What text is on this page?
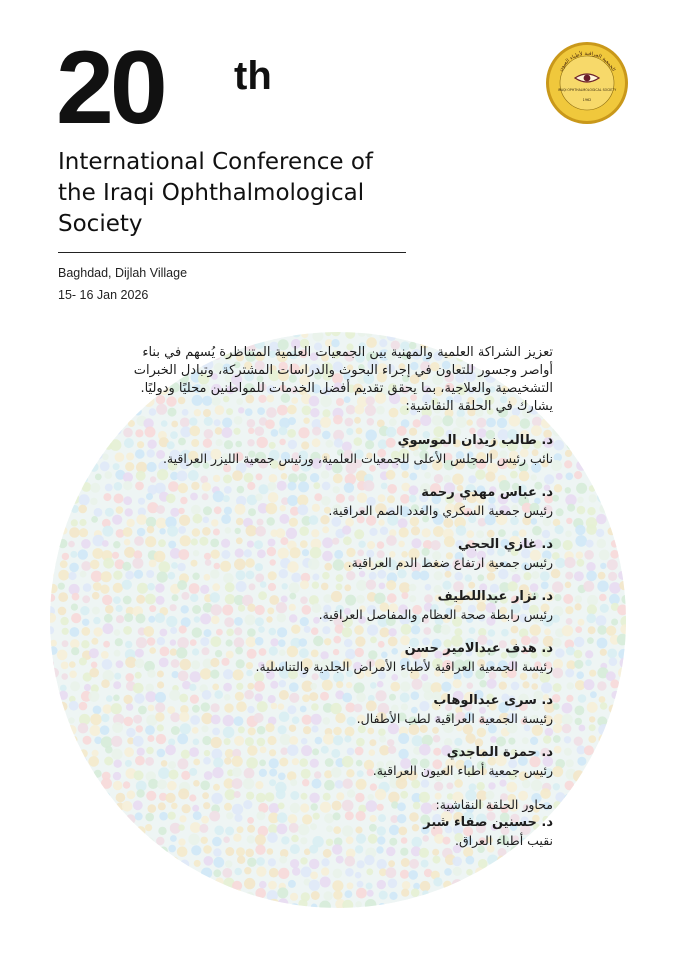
20 th
International Conference of
the Iraqi Ophthalmological
Society
Baghdad, Dijlah Village
15- 16 Jan 2026
الجمعية العراقية لأطباء العيون
IRAQI OPHTHALMOLOGICAL SOCIETY
1962

تعزيز الشراكة العلمية والمهنية بين الجمعيات العلمية المتناظرة يُسهم في بناء أواصر وجسور للتعاون في إجراء البحوث والدراسات المشتركة، وتبادل الخبرات التشخيصية والعلاجية، بما يحقق تقديم أفضل الخدمات للمواطنين محليًا ودوليًا.

يشارك في الحلقة النقاشية:

د. طالب زيدان الموسوي
نائب رئيس المجلس الأعلى للجمعيات العلمية، ورئيس جمعية الليزر العراقية.
د. عباس مهدي رحمة
رئيس جمعية السكري والغدد الصم العراقية.
د. غازي الحجي
رئيس جمعية ارتفاع ضغط الدم العراقية.
د. نزار عبداللطيف
رئيس رابطة صحة العظام والمفاصل العراقية.
د. هدف عبدالامير حسن
رئيسة الجمعية العراقية لأطباء الأمراض الجلدية والتناسلية.
د. سرى عبدالوهاب
رئيسة الجمعية العراقية لطب الأطفال.
د. حمزة الماجدي
رئيس جمعية أطباء العيون العراقية.
محاور الحلقة النقاشية:
د. حسنين صفاء شبر
نقيب أطباء العراق.
